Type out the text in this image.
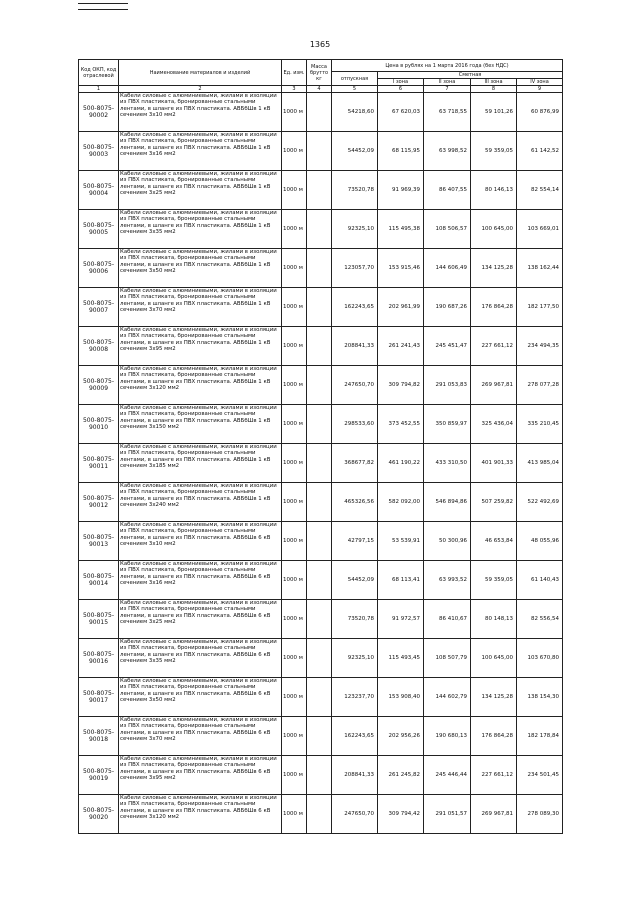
1365
Код ОКП, код отраслевой	Наименование материалов и изделий	Ед. изм.	Масса брутто кг	Цена в рублях на 1 марта 2016 года (без НДС)				
				отпускная	Сметная			
					I зона	II зона	III зона	IV зона
1	2	3	4	5	6	7	8	9
500-8075-90002	Кабели силовые с алюминиевыми, жилами в изоляции из ПВХ пластиката, бронированные стальными лентами, в шланге из ПВХ пластиката. АВБбШв 1 кВ сечением 3х10 мм2	1000 м		54218,60	67 620,03	63 718,55	59 101,26	60 876,99
500-8075-90003	Кабели силовые с алюминиевыми, жилами в изоляции из ПВХ пластиката, бронированные стальными лентами, в шланге из ПВХ пластиката. АВБбШв 1 кВ сечением 3х16 мм2	1000 м		54452,09	68 115,95	63 998,52	59 359,05	61 142,52
500-8075-90004	Кабели силовые с алюминиевыми, жилами в изоляции из ПВХ пластиката, бронированные стальными лентами, в шланге из ПВХ пластиката. АВБбШв 1 кВ сечением 3х25 мм2	1000 м		73520,78	91 969,39	86 407,55	80 146,13	82 554,14
500-8075-90005	Кабели силовые с алюминиевыми, жилами в изоляции из ПВХ пластиката, бронированные стальными лентами, в шланге из ПВХ пластиката. АВБбШв 1 кВ сечением 3х35 мм2	1000 м		92325,10	115 495,38	108 506,57	100 645,00	103 669,01
500-8075-90006	Кабели силовые с алюминиевыми, жилами в изоляции из ПВХ пластиката, бронированные стальными лентами, в шланге из ПВХ пластиката. АВБбШв 1 кВ сечением 3х50 мм2	1000 м		123057,70	153 915,46	144 606,49	134 125,28	138 162,44
500-8075-90007	Кабели силовые с алюминиевыми, жилами в изоляции из ПВХ пластиката, бронированные стальными лентами, в шланге из ПВХ пластиката. АВБбШв 1 кВ сечением 3х70 мм2	1000 м		162243,65	202 961,99	190 687,26	176 864,28	182 177,50
500-8075-90008	Кабели силовые с алюминиевыми, жилами в изоляции из ПВХ пластиката, бронированные стальными лентами, в шланге из ПВХ пластиката. АВБбШв 1 кВ сечением 3х95 мм2	1000 м		208841,33	261 241,43	245 451,47	227 661,12	234 494,35
500-8075-90009	Кабели силовые с алюминиевыми, жилами в изоляции из ПВХ пластиката, бронированные стальными лентами, в шланге из ПВХ пластиката. АВБбШв 1 кВ сечением 3х120 мм2	1000 м		247650,70	309 794,82	291 053,83	269 967,81	278 077,28
500-8075-90010	Кабели силовые с алюминиевыми, жилами в изоляции из ПВХ пластиката, бронированные стальными лентами, в шланге из ПВХ пластиката. АВБбШв 1 кВ сечением 3х150 мм2	1000 м		298533,60	373 452,55	350 859,97	325 436,04	335 210,45
500-8075-90011	Кабели силовые с алюминиевыми, жилами в изоляции из ПВХ пластиката, бронированные стальными лентами, в шланге из ПВХ пластиката. АВБбШв 1 кВ сечением 3х185 мм2	1000 м		368677,82	461 190,22	433 310,50	401 901,33	413 985,04
500-8075-90012	Кабели силовые с алюминиевыми, жилами в изоляции из ПВХ пластиката, бронированные стальными лентами, в шланге из ПВХ пластиката. АВБбШв 1 кВ сечением 3х240 мм2	1000 м		465326,56	582 092,00	546 894,86	507 259,82	522 492,69
500-8075-90013	Кабели силовые с алюминиевыми, жилами в изоляции из ПВХ пластиката, бронированные стальными лентами, в шланге из ПВХ пластиката. АВБбШв 6 кВ сечением 3х10 мм2	1000 м		42797,15	53 539,91	50 300,96	46 653,84	48 055,96
500-8075-90014	Кабели силовые с алюминиевыми, жилами в изоляции из ПВХ пластиката, бронированные стальными лентами, в шланге из ПВХ пластиката. АВБбШв 6 кВ сечением 3х16 мм2	1000 м		54452,09	68 113,41	63 993,52	59 359,05	61 140,43
500-8075-90015	Кабели силовые с алюминиевыми, жилами в изоляции из ПВХ пластиката, бронированные стальными лентами, в шланге из ПВХ пластиката. АВБбШв 6 кВ сечением 3х25 мм2	1000 м		73520,78	91 972,57	86 410,67	80 148,13	82 556,54
500-8075-90016	Кабели силовые с алюминиевыми, жилами в изоляции из ПВХ пластиката, бронированные стальными лентами, в шланге из ПВХ пластиката. АВБбШв 6 кВ сечением 3х35 мм2	1000 м		92325,10	115 493,45	108 507,79	100 645,00	103 670,80
500-8075-90017	Кабели силовые с алюминиевыми, жилами в изоляции из ПВХ пластиката, бронированные стальными лентами, в шланге из ПВХ пластиката. АВБбШв 6 кВ сечением 3х50 мм2	1000 м		123237,70	153 908,40	144 602,79	134 125,28	138 154,30
500-8075-90018	Кабели силовые с алюминиевыми, жилами в изоляции из ПВХ пластиката, бронированные стальными лентами, в шланге из ПВХ пластиката. АВБбШв 6 кВ сечением 3х70 мм2	1000 м		162243,65	202 956,26	190 680,13	176 864,28	182 178,84
500-8075-90019	Кабели силовые с алюминиевыми, жилами в изоляции из ПВХ пластиката, бронированные стальными лентами, в шланге из ПВХ пластиката. АВБбШв 6 кВ сечением 3х95 мм2	1000 м		208841,33	261 245,82	245 446,44	227 661,12	234 501,45
500-8075-90020	Кабели силовые с алюминиевыми, жилами в изоляции из ПВХ пластиката, бронированные стальными лентами, в шланге из ПВХ пластиката. АВБбШв 6 кВ сечением 3х120 мм2	1000 м		247650,70	309 794,42	291 051,57	269 967,81	278 089,30
